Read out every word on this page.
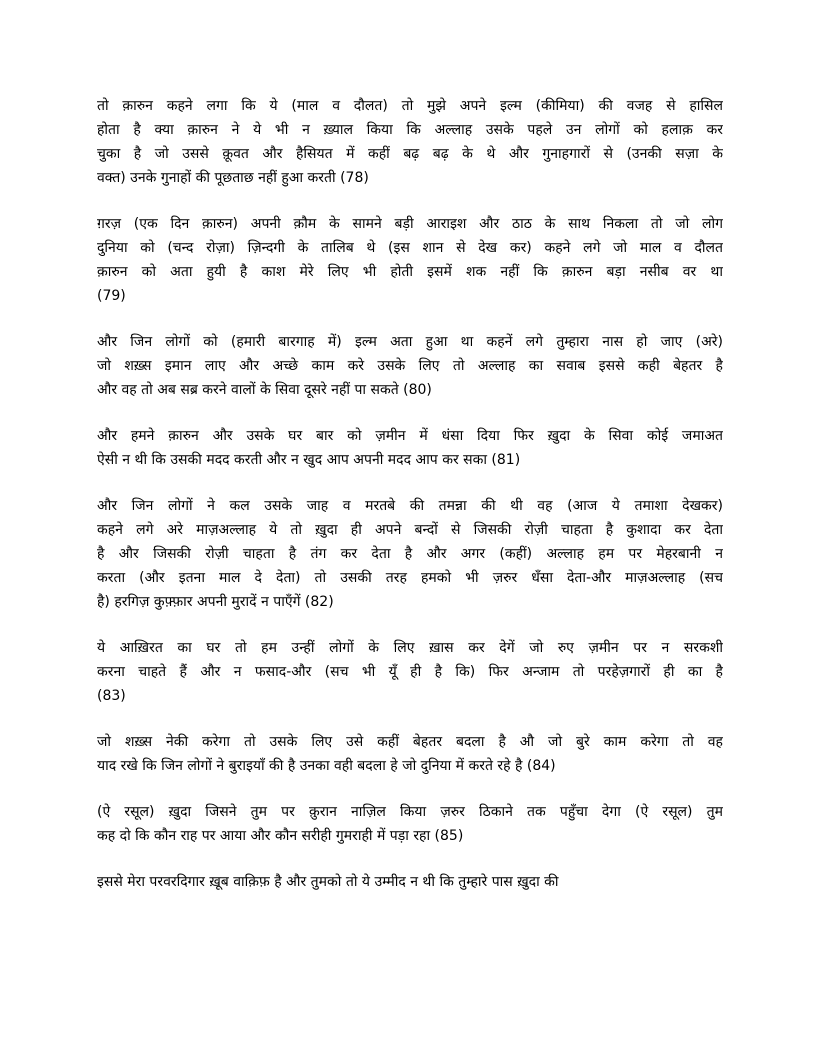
तो क़ारुन कहने लगा कि ये (माल व दौलत) तो मुझे अपने इल्म (कीमिया) की वजह से हासिल
होता है क्या क़ारुन ने ये भी न ख़्याल किया कि अल्लाह उसके पहले उन लोगों को हलाक़ कर
चुका है जो उससे क़ूवत और हैसियत में कहीं बढ़ बढ़ के थे और गुनाहगारों से (उनकी सज़ा के
वक्त) उनके गुनाहों की पूछताछ नहीं हुआ करती (78)
ग़रज़ (एक दिन क़ारुन) अपनी क़ौम के सामने बड़ी आराइश और ठाठ के साथ निकला तो जो लोग
दुनिया को (चन्द रोज़ा) ज़िन्दगी के तालिब थे (इस शान से देख कर) कहने लगे जो माल व दौलत
क़ारुन को अता हुयी है काश मेरे लिए भी होती इसमें शक नहीं कि क़ारुन बड़ा नसीब वर था
(79)
और जिन लोगों को (हमारी बारगाह में) इल्म अता हुआ था कहनें लगे तुम्हारा नास हो जाए (अरे)
जो शख़्स इमान लाए और अच्छे काम करे उसके लिए तो अल्लाह का सवाब इससे कही बेहतर है
और वह तो अब सब्र करने वालों के सिवा दूसरे नहीं पा सकते (80)
और हमने क़ारुन और उसके घर बार को ज़मीन में धंसा दिया फिर ख़ुदा के सिवा कोई जमाअत
ऐसी न थी कि उसकी मदद करती और न खुद आप अपनी मदद आप कर सका (81)
और जिन लोगों ने कल उसके जाह व मरतबे की तमन्ना की थी वह (आज ये तमाशा देखकर)
कहने लगे अरे माज़अल्लाह ये तो ख़ुदा ही अपने बन्दों से जिसकी रोज़ी चाहता है कुशादा कर देता
है और जिसकी रोज़ी चाहता है तंग कर देता है और अगर (कहीं) अल्लाह हम पर मेहरबानी न
करता (और इतना माल दे देता) तो उसकी तरह हमको भी ज़रुर धँसा देता-और माज़अल्लाह (सच
है) हरगिज़ कुफ़्फ़ार अपनी मुरादें न पाएँगें (82)
ये आख़िरत का घर तो हम उन्हीं लोगों के लिए ख़ास कर देगें जो रुए ज़मीन पर न सरकशी
करना चाहते हैं और न फसाद-और (सच भी यूँ ही है कि) फिर अन्जाम तो परहेज़गारों ही का है
(83)
जो शख़्स नेकी करेगा तो उसके लिए उसे कहीं बेहतर बदला है औ जो बुरे काम करेगा तो वह
याद रखे कि जिन लोगों ने बुराइयाँ की है उनका वही बदला हे जो दुनिया में करते रहे है (84)
(ऐ रसूल) ख़ुदा जिसने तुम पर क़ुरान नाज़िल किया ज़रुर ठिकाने तक पहुँचा देगा (ऐ रसूल) तुम
कह दो कि कौन राह पर आया और कौन सरीही गुमराही में पड़ा रहा (85)
इससे मेरा परवरदिगार ख़ूब वाक़िफ़ है और तुमको तो ये उम्मीद न थी कि तुम्हारे पास ख़ुदा की
